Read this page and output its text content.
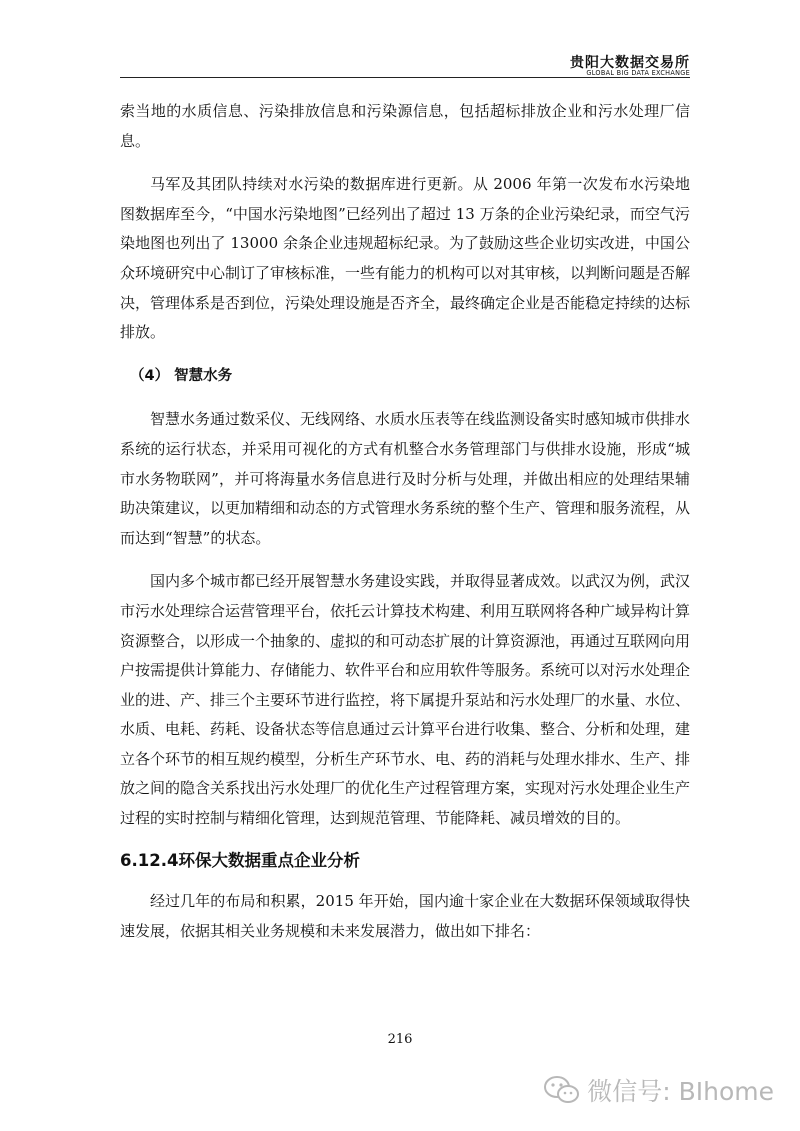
贵阳大数据交易所
GLOBAL BIG DATA EXCHANGE

索当地的水质信息、污染排放信息和污染源信息，包括超标排放企业和污水处理厂信息。

马军及其团队持续对水污染的数据库进行更新。从 2006 年第一次发布水污染地图数据库至今，“中国水污染地图”已经列出了超过 13 万条的企业污染纪录，而空气污染地图也列出了 13000 余条企业违规超标纪录。为了鼓励这些企业切实改进，中国公众环境研究中心制订了审核标准，一些有能力的机构可以对其审核，以判断问题是否解决，管理体系是否到位，污染处理设施是否齐全，最终确定企业是否能稳定持续的达标排放。

（4） 智慧水务

智慧水务通过数采仪、无线网络、水质水压表等在线监测设备实时感知城市供排水系统的运行状态，并采用可视化的方式有机整合水务管理部门与供排水设施，形成“城市水务物联网”，并可将海量水务信息进行及时分析与处理，并做出相应的处理结果辅助决策建议，以更加精细和动态的方式管理水务系统的整个生产、管理和服务流程，从而达到“智慧”的状态。

国内多个城市都已经开展智慧水务建设实践，并取得显著成效。以武汉为例，武汉市污水处理综合运营管理平台，依托云计算技术构建、利用互联网将各种广域异构计算资源整合，以形成一个抽象的、虚拟的和可动态扩展的计算资源池，再通过互联网向用户按需提供计算能力、存储能力、软件平台和应用软件等服务。系统可以对污水处理企业的进、产、排三个主要环节进行监控，将下属提升泵站和污水处理厂的水量、水位、水质、电耗、药耗、设备状态等信息通过云计算平台进行收集、整合、分析和处理，建立各个环节的相互规约模型，分析生产环节水、电、药的消耗与处理水排水、生产、排放之间的隐含关系找出污水处理厂的优化生产过程管理方案，实现对污水处理企业生产过程的实时控制与精细化管理，达到规范管理、节能降耗、减员增效的目的。

6.12.4环保大数据重点企业分析

经过几年的布局和积累，2015 年开始，国内逾十家企业在大数据环保领域取得快速发展，依据其相关业务规模和未来发展潜力，做出如下排名：

216
微信号: BIhome
